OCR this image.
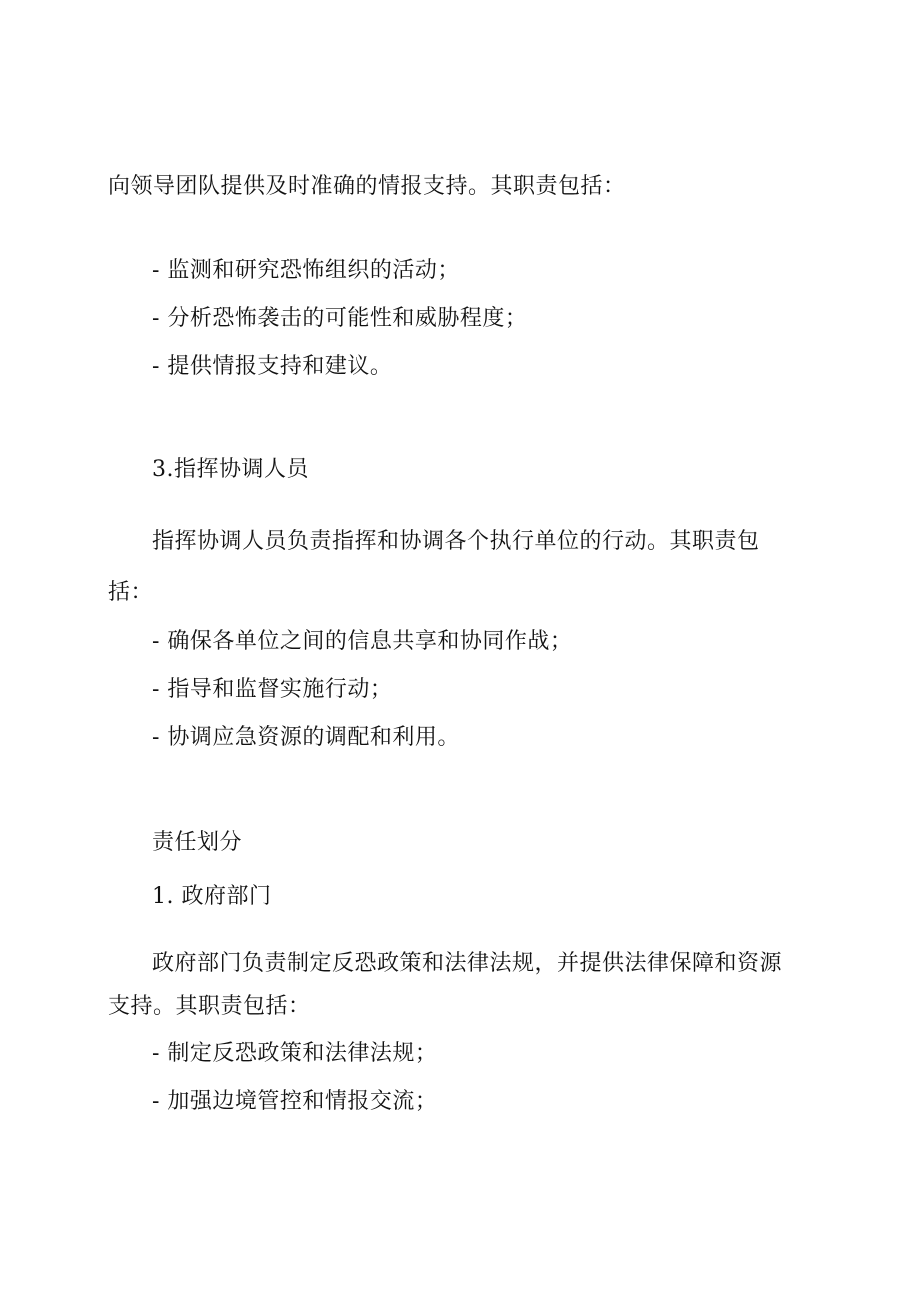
向领导团队提供及时准确的情报支持。其职责包括：

- 监测和研究恐怖组织的活动；

- 分析恐怖袭击的可能性和威胁程度；

- 提供情报支持和建议。

3.指挥协调人员

指挥协调人员负责指挥和协调各个执行单位的行动。其职责包

括：

- 确保各单位之间的信息共享和协同作战；

- 指导和监督实施行动；

- 协调应急资源的调配和利用。

责任划分

1. 政府部门

政府部门负责制定反恐政策和法律法规，并提供法律保障和资源

支持。其职责包括：

- 制定反恐政策和法律法规；

- 加强边境管控和情报交流；
